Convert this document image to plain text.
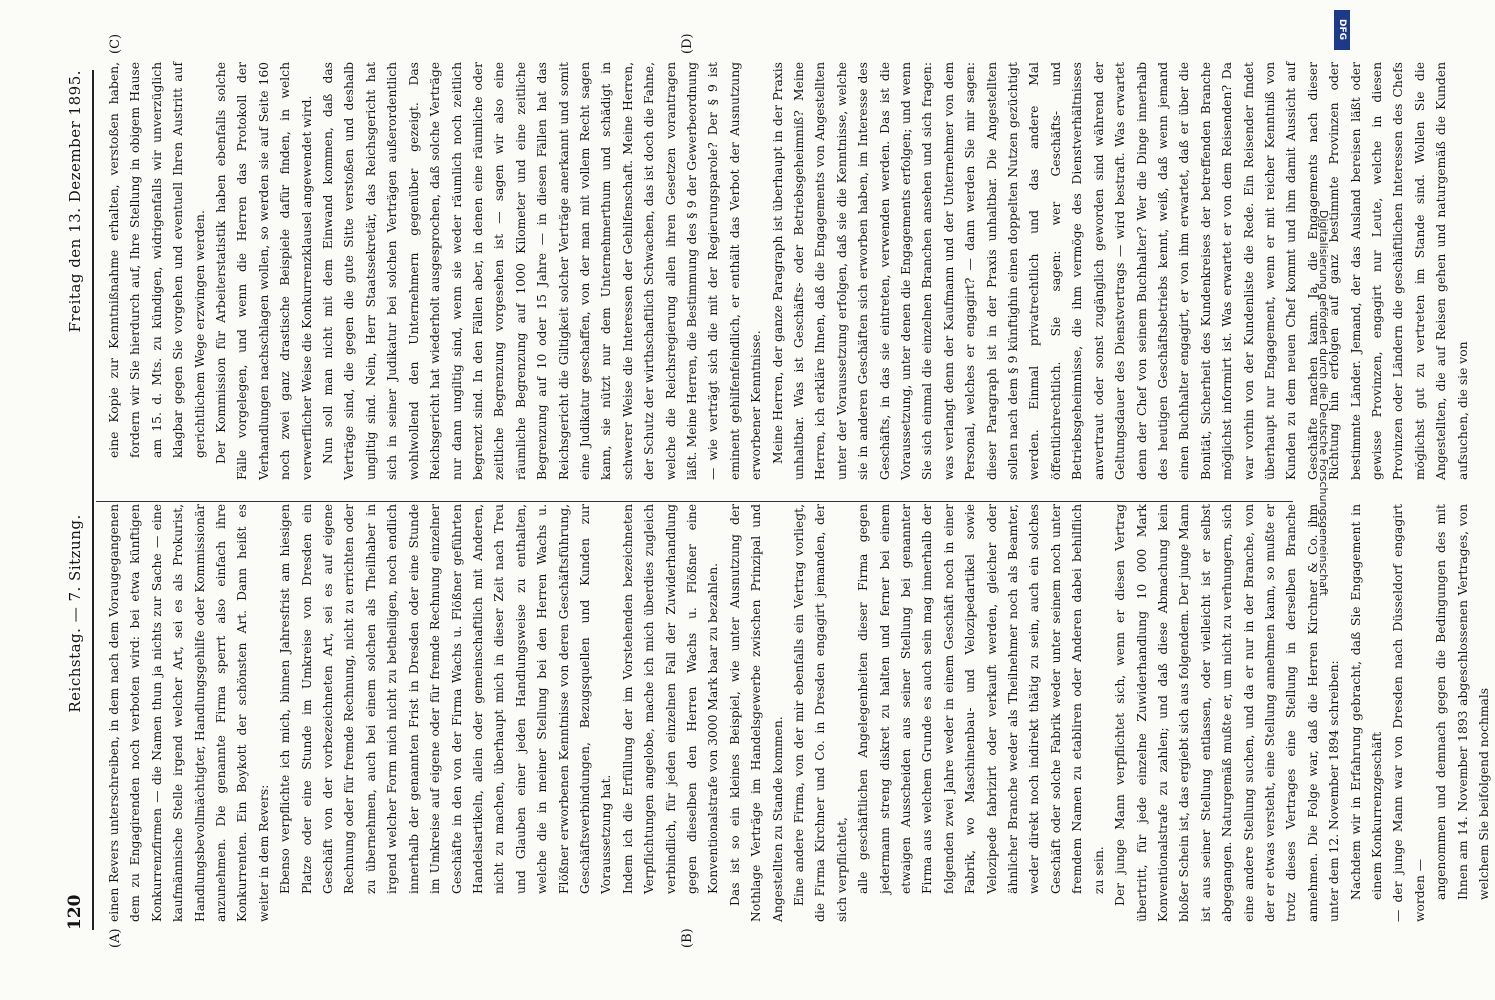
120
Reichstag. — 7. Sitzung.
Freitag den 13. Dezember 1895.
(A)	(B)
(C)	(D)

einen Revers unterschreiben, in dem nach dem Voraugegangenen dem zu Engagirenden noch verboten wird: bei etwa künftigen Konkurrenzfirmen — die Namen thun ja nichts zur Sache — eine kaufmännische Stelle irgend welcher Art, sei es als Prokurist, Handlungsbevollmächtigter, Handlungsgehilfe oder Kommissionär anzunehmen. Die genannte Firma sperrt also einfach ihre Konkurrenten. Ein Boykott der schönsten Art. Dann heißt es weiter in dem Revers: Ebenso verpflichte ich mich, binnen Jahresfrist am hiesigen Platze oder eine Stunde im Umkreise von Dresden ein Geschäft von der vorbezeichneten Art, sei es auf eigene Rechnung oder für fremde Rechnung, nicht zu errichten oder zu übernehmen, auch bei einem solchen als Theilhaber in irgend welcher Form mich nicht zu betheiligen, noch endlich innerhalb der genannten Frist in Dresden oder eine Stunde im Umkreise auf eigene oder für fremde Rechnung einzelner Geschäfte in den von der Firma Wachs u. Flößner geführten Handelsartikeln, allein oder gemeinschaftlich mit Anderen, nicht zu machen, überhaupt mich in dieser Zeit nach Treu und Glauben einer jeden Handlungsweise zu enthalten, welche die in meiner Stellung bei den Herren Wachs u. Flößner erworbenen Kenntnisse von deren Geschäftsführung, Geschäftsverbindungen, Bezugsquellen und Kunden zur Voraussetzung hat. Indem ich die Erfüllung der im Vorstehenden bezeichneten Verpflichtungen angelobe, mache ich mich überdies zugleich verbindlich, für jeden einzelnen Fall der Zuwiderhandlung gegen dieselben den Herren Wachs u. Flößner eine Konventionalstrafe von 3000 Mark baar zu bezahlen. Das ist so ein kleines Beispiel, wie unter Ausnutzung der Nothlage Verträge im Handelsgewerbe zwischen Prinzipal und Angestellten zu Stande kommen. Eine andere Firma, von der mir ebenfalls ein Vertrag vorliegt, die Firma Kirchner und Co. in Dresden engagirt jemanden, der sich verpflichtet, alle geschäftlichen Angelegenheiten dieser Firma gegen jedermann streng diskret zu halten und ferner bei einem etwaigen Ausscheiden aus seiner Stellung bei genannter Firma aus welchem Grunde es auch sein mag innerhalb der folgenden zwei Jahre weder in einem Geschäft noch in einer Fabrik, wo Maschinenbau- und Velozipedartikel sowie Velozipede fabrizirt oder verkauft werden, gleicher oder ähnlicher Branche weder als Theilnehmer noch als Beamter, weder direkt noch indirekt thätig zu sein, auch ein solches Geschäft oder solche Fabrik weder unter seinem noch unter fremdem Namen zu etabliren oder Anderen dabei behilflich zu sein. Der junge Mann verpflichtet sich, wenn er diesen Vertrag übertritt, für jede einzelne Zuwiderhandlung 10 000 Mark Konventionalstrafe zu zahlen; und daß diese Abmachung kein bloßer Schein ist, das ergiebt sich aus folgendem. Der junge Mann ist aus seiner Stellung entlassen, oder vielleicht ist er selbst abgegangen. Naturgemäß mußte er, um nicht zu verhungern, sich eine andere Stellung suchen, und da er nur in der Branche, von der er etwas versteht, eine Stellung annehmen kann, so mußte er trotz dieses Vertrages eine Stellung in derselben Branche annehmen. Die Folge war, daß die Herren Kirchner & Co. ihm unter dem 12. November 1894 schreiben: Nachdem wir in Erfahrung gebracht, daß Sie Engagement in einem Konkurrenzgeschäft — der junge Mann war von Dresden nach Düsseldorf engagirt worden — angenommen und demnach gegen die Bedingungen des mit Ihnen am 14. November 1893 abgeschlossenen Vertrages, von welchem Sie beifolgend nochmals

eine Kopie zur Kenntnißnahme erhalten, verstoßen haben, fordern wir Sie hierdurch auf, Ihre Stellung in obigem Hause am 15. d. Mts. zu kündigen, widrigenfalls wir unverzüglich klagbar gegen Sie vorgehen und eventuell Ihren Austritt auf gerichtlichem Wege erzwingen werden. Der Kommission für Arbeiterstatistik haben ebenfalls solche Fälle vorgelegen, und wenn die Herren das Protokoll der Verhandlungen nachschlagen wollen, so werden sie auf Seite 160 noch zwei ganz drastische Beispiele dafür finden, in welch verwerflicher Weise die Konkurrenzklausel angewendet wird. Nun soll man nicht mit dem Einwand kommen, daß das Verträge sind, die gegen die gute Sitte verstoßen und deshalb ungiltig sind. Nein, Herr Staatssekretär, das Reichsgericht hat sich in seiner Judikatur bei solchen Verträgen außerordentlich wohlwollend den Unternehmern gegenüber gezeigt. Das Reichsgericht hat wiederholt ausgesprochen, daß solche Verträge nur dann ungiltig sind, wenn sie weder räumlich noch zeitlich begrenzt sind. In den Fällen aber, in denen eine räumliche oder zeitliche Begrenzung vorgesehen ist — sagen wir also eine räumliche Begrenzung auf 1000 Kilometer und eine zeitliche Begrenzung auf 10 oder 15 Jahre — in diesen Fällen hat das Reichsgericht die Giltigkeit solcher Verträge anerkannt und somit eine Judikatur geschaffen, von der man mit vollem Recht sagen kann, sie nützt nur dem Unternehmerthum und schädigt in schwerer Weise die Interessen der Gehilfenschaft. Meine Herren, der Schutz der wirthschaftlich Schwachen, das ist doch die Fahne, welche die Reichsregierung allen ihren Gesetzen vorantragen läßt. Meine Herren, die Bestimmung des § 9 der Gewerbeordnung — wie verträgt sich die mit der Regierungsparole? Der § 9 ist eminent gehilfenfeindlich, er enthält das Verbot der Ausnutzung erworbener Kenntnisse. Meine Herren, der ganze Paragraph ist überhaupt in der Praxis unhaltbar. Was ist Geschäfts- oder Betriebsgeheimniß? Meine Herren, ich erkläre Ihnen, daß die Engagements von Angestellten unter der Voraussetzung erfolgen, daß sie die Kenntnisse, welche sie in anderen Geschäften sich erworben haben, im Interesse des Geschäfts, in das sie eintreten, verwenden werden. Das ist die Voraussetzung, unter denen die Engagements erfolgen; und wenn Sie sich einmal die einzelnen Branchen ansehen und sich fragen: was verlangt denn der Kaufmann und der Unternehmer von dem Personal, welches er engagirt? — dann werden Sie mir sagen: dieser Paragraph ist in der Praxis unhaltbar. Die Angestellten sollen nach dem § 9 künftighin einen doppelten Nutzen gezüchtigt werden. Einmal privatrechtlich und das andere Mal öffentlichrechtlich. Sie sagen: wer Geschäfts- und Betriebsgeheimnisse, die ihm vermöge des Dienstverhältnisses anvertraut oder sonst zugänglich geworden sind während der Geltungsdauer des Dienstvertrags — wird bestraft. Was erwartet denn der Chef von seinem Buchhalter? Wer die Dinge innerhalb des heutigen Geschäftsbetriebs kennt, weiß, daß wenn jemand einen Buchhalter engagirt, er von ihm erwartet, daß er über die Bonität, Sicherheit des Kundenkreises der betreffenden Branche möglichst informirt ist. Was erwartet er von dem Reisenden? Da war vorhin von der Kundenliste die Rede. Ein Reisender findet überhaupt nur Engagement, wenn er mit reicher Kenntniß von Kunden zu dem neuen Chef kommt und ihm damit Aussicht auf Geschäfte machen kann. Ja, die Engagements nach dieser Richtung hin erfolgen auf ganz bestimmte Provinzen oder bestimmte Länder. Jemand, der das Ausland bereisen läßt oder gewisse Provinzen, engagirt nur Leute, welche in diesen Provinzen oder Ländern die geschäftlichen Interessen des Chefs möglichst gut zu vertreten im Stande sind. Wollen Sie die Angestellten, die auf Reisen gehen und naturgemäß die Kunden aufsuchen, die sie von

DFG
Digitalisierung gefördert durch die Deutsche Forschungsgemeinschaft
